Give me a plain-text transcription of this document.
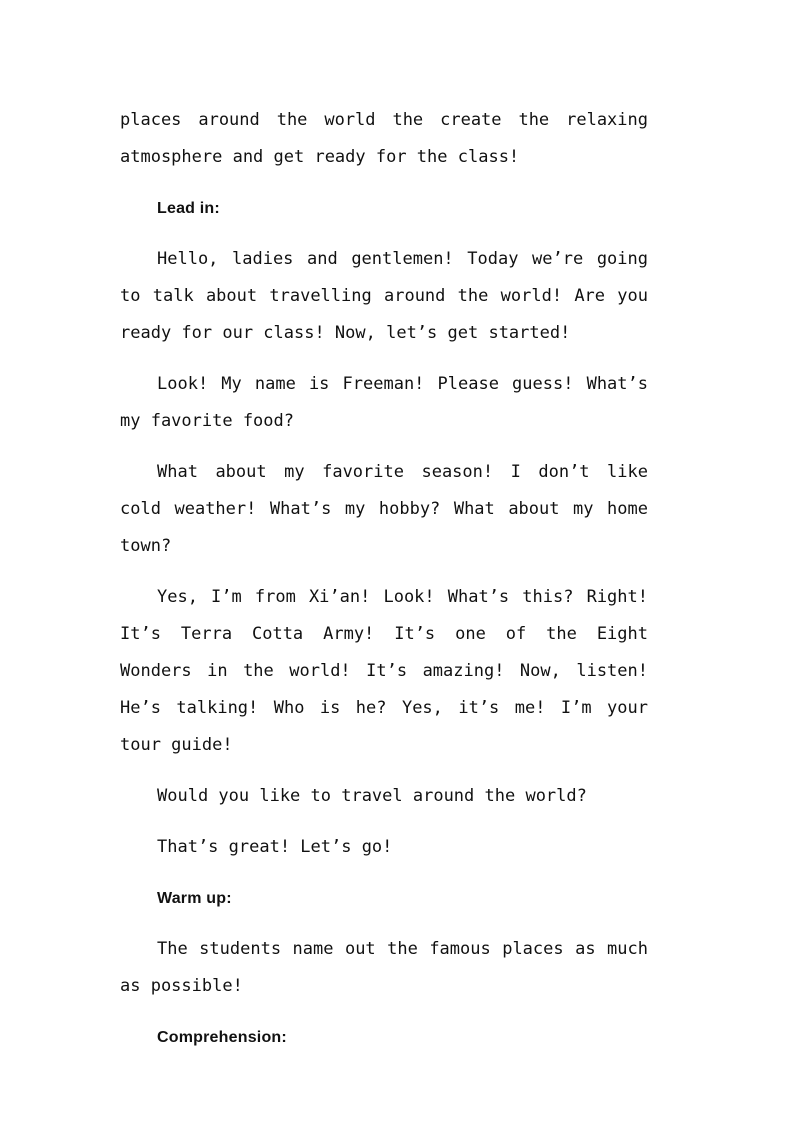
places around the world the create the relaxing atmosphere and get ready for the class!

Lead in:

Hello, ladies and gentlemen! Today we’re going to talk about travelling around the world! Are you ready for our class! Now, let’s get started!

Look! My name is Freeman! Please guess! What’s my favorite food?

What about my favorite season! I don’t like cold weather! What’s my hobby? What about my home town?

Yes, I’m from Xi’an! Look! What’s this? Right! It’s Terra Cotta Army! It’s one of the Eight Wonders in the world! It’s amazing! Now, listen! He’s talking! Who is he? Yes, it’s me! I’m your tour guide!

Would you like to travel around the world?

That’s great! Let’s go!

Warm up:

The students name out the famous places as much as possible!

Comprehension:
